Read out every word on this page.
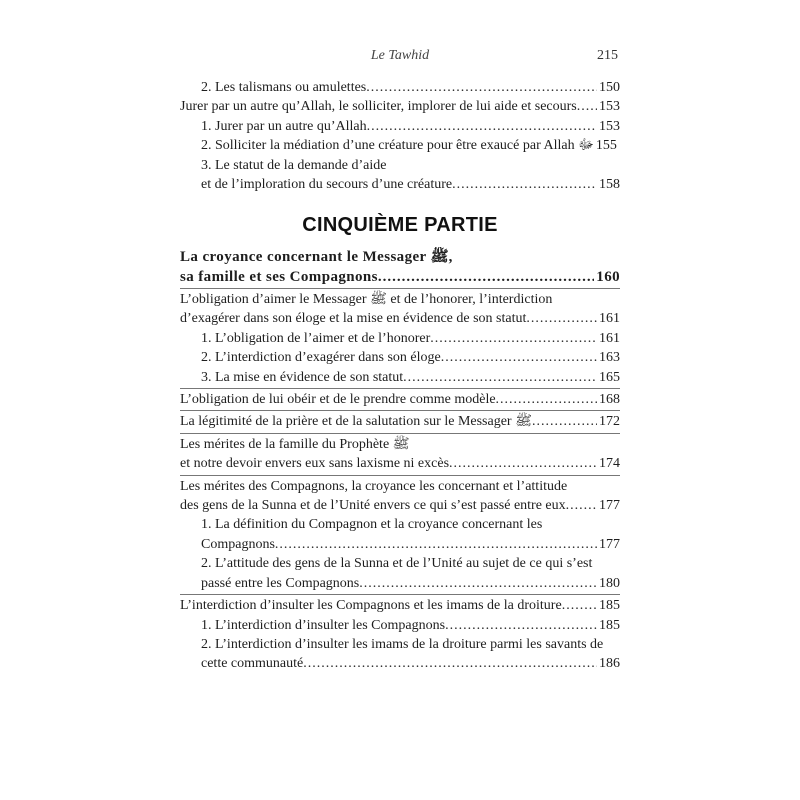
Le Tawhid	215
2. Les talismans ou amulettes .....	150
Jurer par un autre qu’Allah, le solliciter, implorer de lui aide et secours ..... 153
1. Jurer par un autre qu’Allah .....	153
2. Solliciter la médiation d’une créature pour être exaucé par Allah ﷻ 155
3. Le statut de la demande d’aide
et de l’imploration du secours d’une créature .....	158
CINQUIÈME PARTIE
La croyance concernant le Messager ﷺ,
sa famille et ses Compagnons .....	160
L’obligation d’aimer le Messager ﷺ et de l’honorer, l’interdiction
d’exagérer dans son éloge et la mise en évidence de son statut .....	161
1. L’obligation de l’aimer et de l’honorer .....	161
2. L’interdiction d’exagérer dans son éloge .....	163
3. La mise en évidence de son statut .....	165
L’obligation de lui obéir et de le prendre comme modèle .....	168
La légitimité de la prière et de la salutation sur le Messager ﷺ .....	172
Les mérites de la famille du Prophète ﷺ
et notre devoir envers eux sans laxisme ni excès .....	174
Les mérites des Compagnons, la croyance les concernant et l’attitude
des gens de la Sunna et de l’Unité envers ce qui s’est passé entre eux ..... 177
1. La définition du Compagnon et la croyance concernant les
Compagnons .....	177
2. L’attitude des gens de la Sunna et de l’Unité au sujet de ce qui s’est
passé entre les Compagnons .....	180
L’interdiction d’insulter les Compagnons et les imams de la droiture .....	185
1. L’interdiction d’insulter les Compagnons .....	185
2. L’interdiction d’insulter les imams de la droiture parmi les savants de
cette communauté .....	186
